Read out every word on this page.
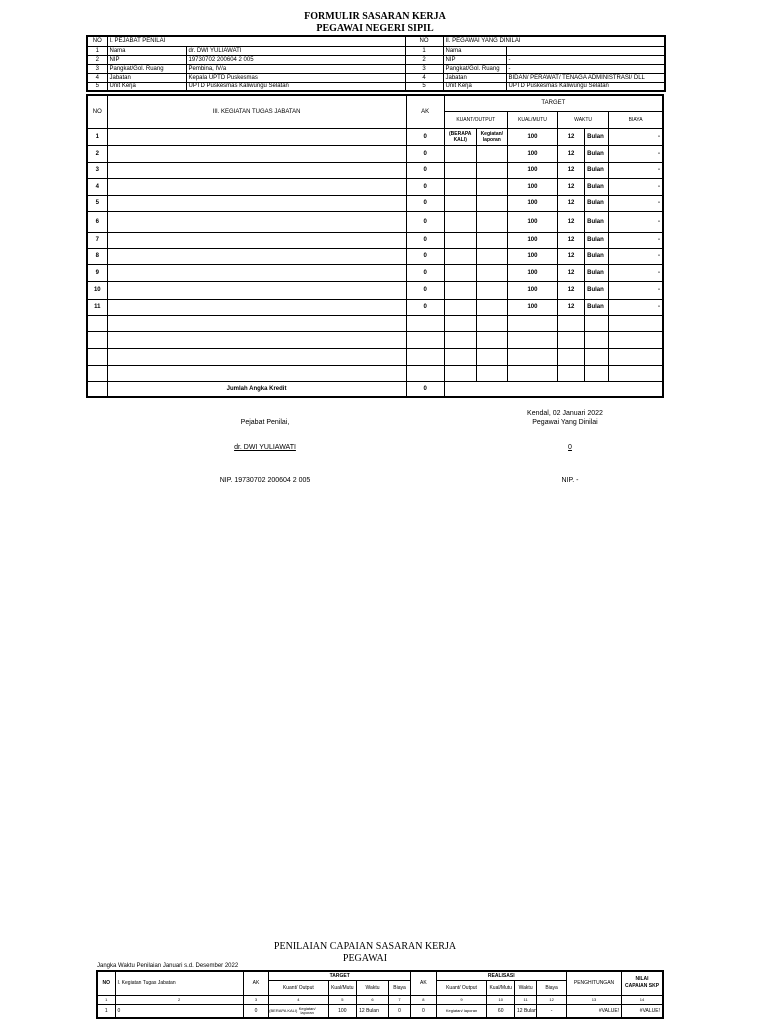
FORMULIR SASARAN KERJA
PEGAWAI NEGERI SIPIL
NO	I. PEJABAT PENILAI		NO	II. PEGAWAI YANG DINILAI	
1	Nama	dr. DWI YULIAWATI	1	Nama	
2	NIP	19730702 200604 2 005	2	NIP	-
3	Pangkat/Gol. Ruang	Pembina, IV/a	3	Pangkat/Gol. Ruang	-
4	Jabatan	Kepala UPTD Puskesmas	4	Jabatan	BIDAN/ PERAWAT/ TENAGA ADMINISTRASI/ DLL
5	Unit Kerja	UPTD Puskesmas Kaliwungu Selatan	5	Unit Kerja	UPTD Puskesmas Kaliwungu Selatan
NO	III. KEGIATAN TUGAS JABATAN	AK	TARGET					
			KUANT/OUTPUT		KUAL/MUTU	WAKTU		BIAYA
1		0	(BERAPA KALI)	Kegiatan/ laporan	100	12	Bulan	-
2		0			100	12	Bulan	-
3		0			100	12	Bulan	-
4		0			100	12	Bulan	-
5		0			100	12	Bulan	-
6		0			100	12	Bulan	-
7		0			100	12	Bulan	-
8		0			100	12	Bulan	-
9		0			100	12	Bulan	-
10		0			100	12	Bulan	-
11		0			100	12	Bulan	-

	Jumlah Angka Kredit	0						
Kendal, 02 Januari 2022
Pegawai Yang Dinilai
Pejabat Penilai,
dr. DWI YULIAWATI	0
NIP. 19730702 200604 2 005	NIP. -
PENILAIAN CAPAIAN SASARAN KERJA
PEGAWAI
Jangka Waktu Penilaian Januari s.d. Desember 2022
NO	I. Kegiatan Tugas Jabatan	AK	TARGET				AK	REALISASI				PENGHITUNGAN	NILAI CAPAIAN SKP
			Kuant/ Output	Kual/Mutu	Waktu	Biaya		Kuant/ Output	Kual/Mutu	Waktu	Biaya		
1	2	3	4	5	6	7	8	9	10	11	12	13	14
1	0	0	(BERAPA KALI)Kegiatan/ laporan	100	12 Bulan	0	0	Kegiatan/ laporan	60	12 Bulan	-	#VALUE!	#VALUE!
